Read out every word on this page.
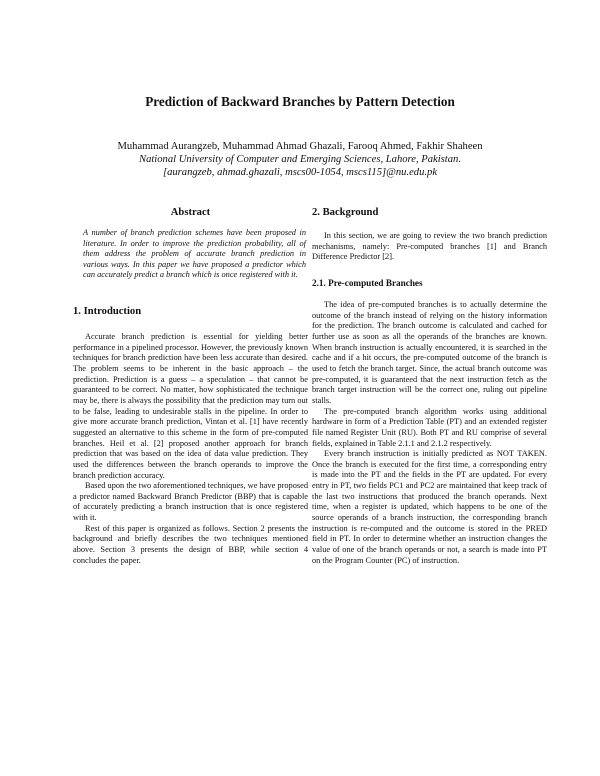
Prediction of Backward Branches by Pattern Detection
Muhammad Aurangzeb, Muhammad Ahmad Ghazali, Farooq Ahmed, Fakhir Shaheen
National University of Computer and Emerging Sciences, Lahore, Pakistan.
[aurangzeb, ahmad.ghazali, mscs00-1054, mscs115]@nu.edu.pk
Abstract
A number of branch prediction schemes have been proposed in literature. In order to improve the prediction probability, all of them address the problem of accurate branch prediction in various ways. In this paper we have proposed a predictor which can accurately predict a branch which is once registered with it.
1. Introduction

Accurate branch prediction is essential for yielding better performance in a pipelined processor. However, the previously known techniques for branch prediction have been less accurate than desired. The problem seems to be inherent in the basic approach – the prediction. Prediction is a guess – a speculation – that cannot be guaranteed to be correct. No matter, how sophisticated the technique may be, there is always the possibility that the prediction may turn out to be false, leading to undesirable stalls in the pipeline. In order to give more accurate branch prediction, Vintan et al. [1] have recently suggested an alternative to this scheme in the form of pre-computed branches. Heil et al. [2] proposed another approach for branch prediction that was based on the idea of data value prediction. They used the differences between the branch operands to improve the branch prediction accuracy.

Based upon the two aforementioned techniques, we have proposed a predictor named Backward Branch Predictor (BBP) that is capable of accurately predicting a branch instruction that is once registered with it.

Rest of this paper is organized as follows. Section 2 presents the background and briefly describes the two techniques mentioned above. Section 3 presents the design of BBP, while section 4 concludes the paper.

2. Background

In this section, we are going to review the two branch prediction mechanisms, namely: Pre-computed branches [1] and Branch Difference Predictor [2].

2.1. Pre-computed Branches

The idea of pre-computed branches is to actually determine the outcome of the branch instead of relying on the history information for the prediction. The branch outcome is calculated and cached for further use as soon as all the operands of the branches are known. When branch instruction is actually encountered, it is searched in the cache and if a hit occurs, the pre-computed outcome of the branch is used to fetch the branch target. Since, the actual branch outcome was pre-computed, it is guaranteed that the next instruction fetch as the branch target instruction will be the correct one, ruling out pipeline stalls.

The pre-computed branch algorithm works using additional hardware in form of a Prediction Table (PT) and an extended register file named Register Unit (RU). Both PT and RU comprise of several fields, explained in Table 2.1.1 and 2.1.2 respectively.

Every branch instruction is initially predicted as NOT TAKEN. Once the branch is executed for the first time, a corresponding entry is made into the PT and the fields in the PT are updated. For every entry in PT, two fields PC1 and PC2 are maintained that keep track of the last two instructions that produced the branch operands. Next time, when a register is updated, which happens to be one of the source operands of a branch instruction, the corresponding branch instruction is re-computed and the outcome is stored in the PRED field in PT. In order to determine whether an instruction changes the value of one of the branch operands or not, a search is made into PT on the Program Counter (PC) of instruction.
